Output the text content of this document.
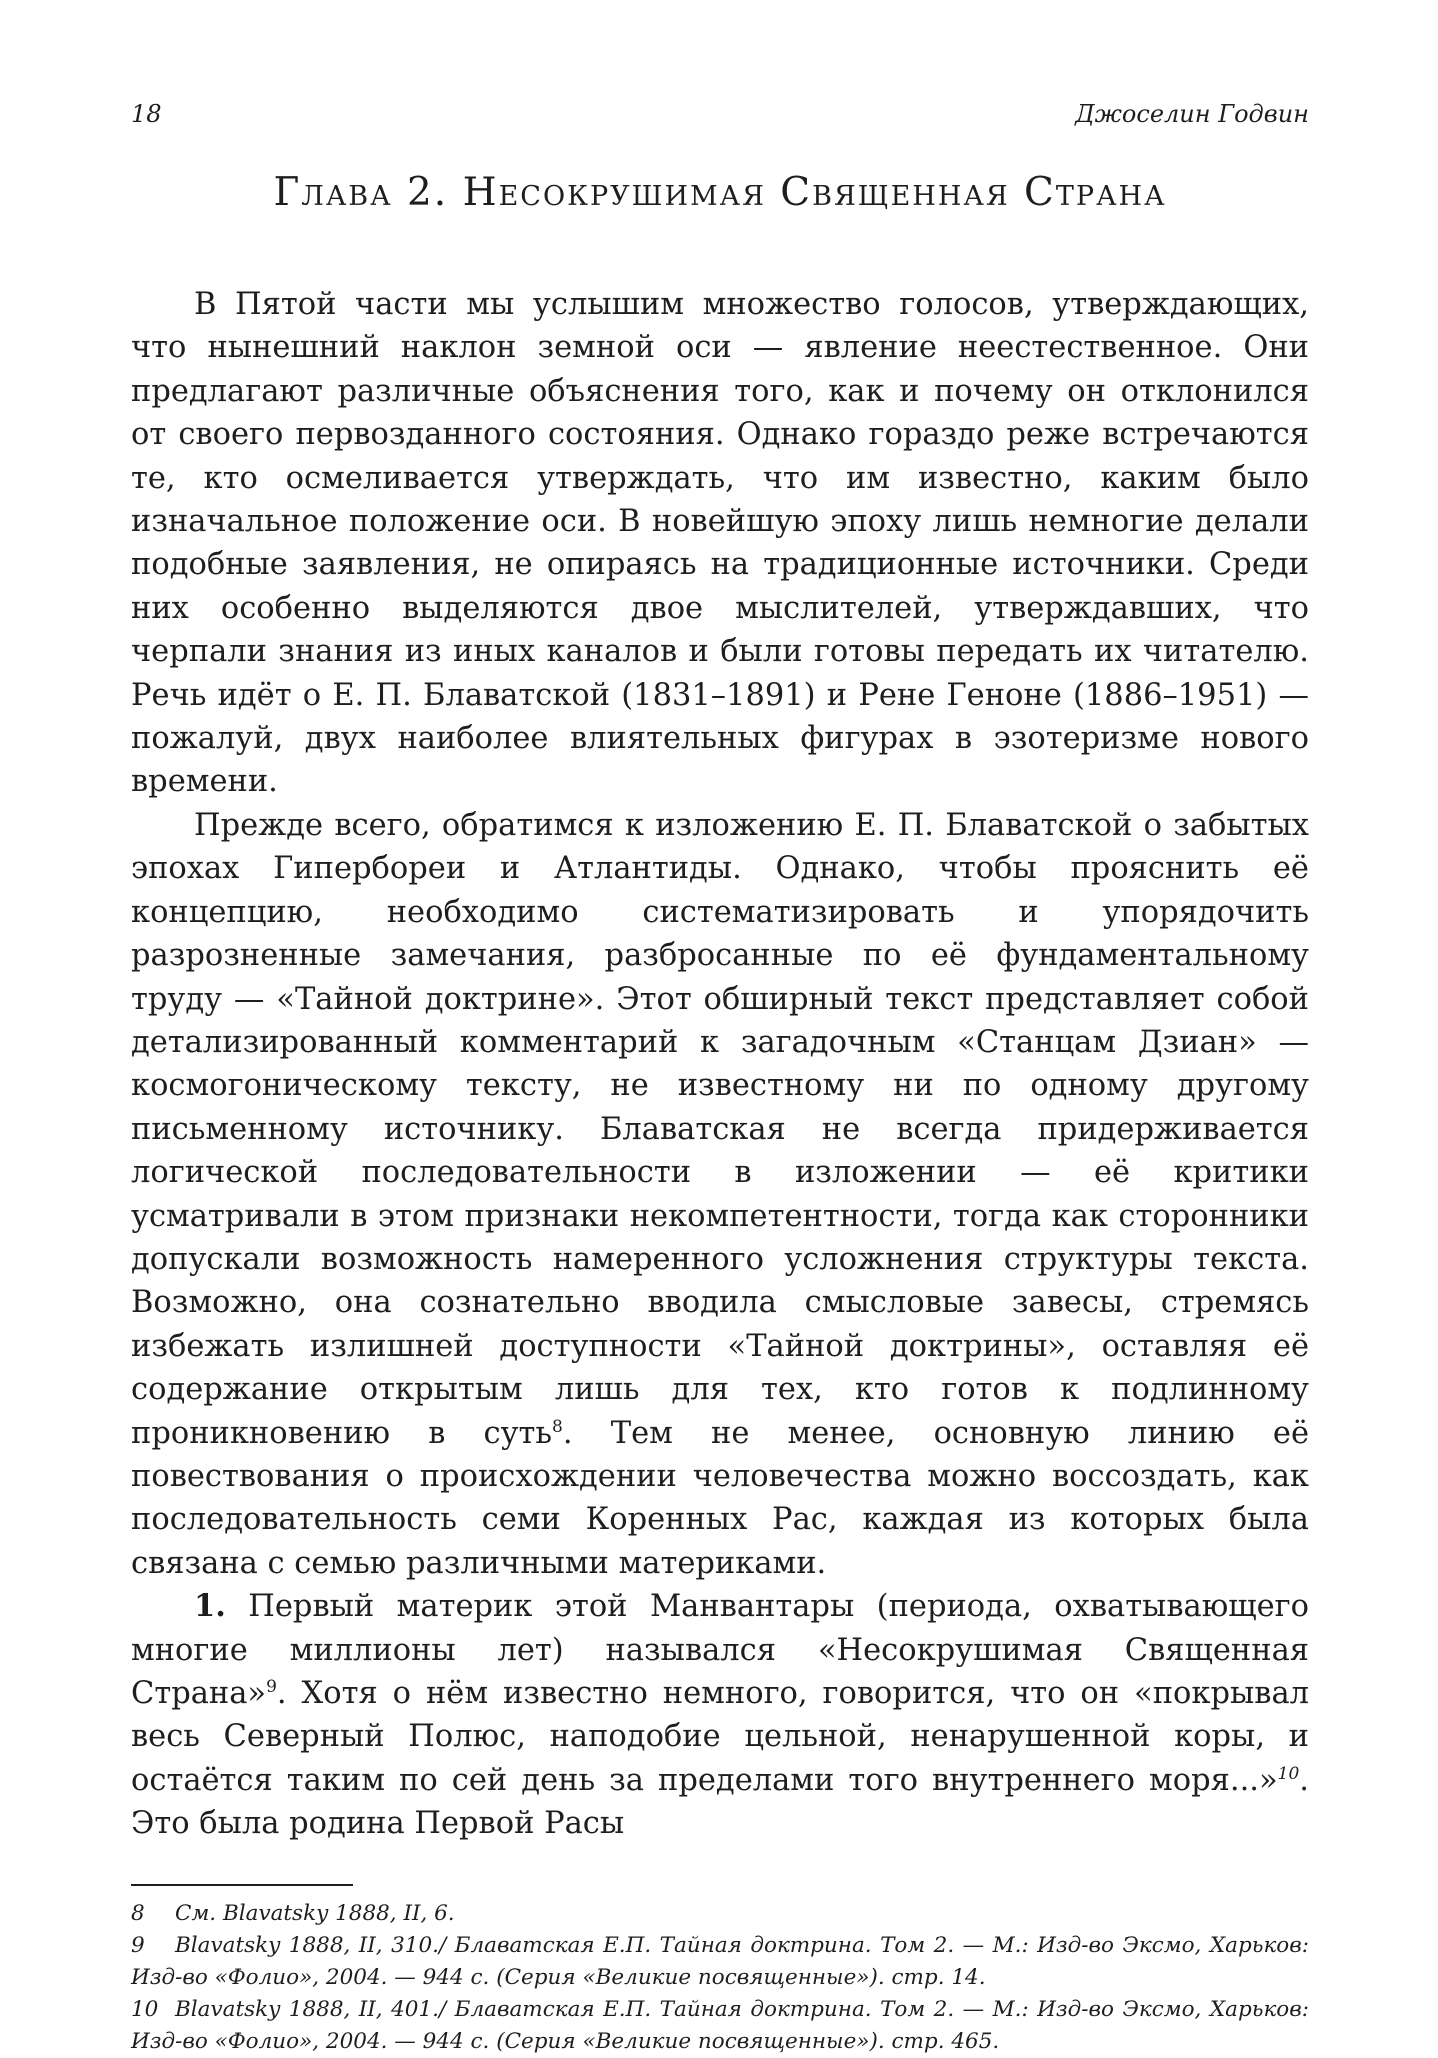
18	Джоселин Годвин
Глава 2. Несокрушимая Священная Страна

В Пятой части мы услышим множество голосов, утверждающих, что нынешний наклон земной оси — явление неестественное. Они предлагают различные объяснения того, как и почему он отклонился от своего первозданного состояния. Однако гораздо реже встречаются те, кто осмеливается утверждать, что им известно, каким было изначальное положение оси. В новейшую эпоху лишь немногие делали подобные заявления, не опираясь на традиционные источники. Среди них особенно выделяются двое мыслителей, утверждавших, что черпали знания из иных каналов и были готовы передать их читателю. Речь идёт о Е. П. Блаватской (1831–1891) и Рене Геноне (1886–1951) — пожалуй, двух наиболее влиятельных фигурах в эзотеризме нового времени.

Прежде всего, обратимся к изложению Е. П. Блаватской о забытых эпохах Гипербореи и Атлантиды. Однако, чтобы прояснить её концепцию, необходимо систематизировать и упорядочить разрозненные замечания, разбросанные по её фундаментальному труду — «Тайной доктрине». Этот обширный текст представляет собой детализированный комментарий к загадочным «Станцам Дзиан» — космогоническому тексту, не известному ни по одному другому письменному источнику. Блаватская не всегда придерживается логической последовательности в изложении — её критики усматривали в этом признаки некомпетентности, тогда как сторонники допускали возможность намеренного усложнения структуры текста. Возможно, она сознательно вводила смысловые завесы, стремясь избежать излишней доступности «Тайной доктрины», оставляя её содержание открытым лишь для тех, кто готов к подлинному проникновению в суть$^8$. Тем не менее, основную линию её повествования о происхождении человечества можно воссоздать, как последовательность семи Коренных Рас, каждая из которых была связана с семью различными материками.

1. Первый материк этой Манвантары (периода, охватывающего многие миллионы лет) назывался «Несокрушимая Священная Страна»$^9$. Хотя о нём известно немного, говорится, что он «покрывал весь Северный Полюс, наподобие цельной, ненарушенной коры, и остаётся таким по сей день за пределами того внутреннего моря...»$^{10}$. Это была родина Первой Расы

8 См. Blavatsky 1888, II, 6.

9 Blavatsky 1888, II, 310./ Блаватская Е.П. Тайная доктрина. Том 2. — М.: Изд-во Эксмо, Харьков: Изд-во «Фолио», 2004. — 944 с. (Серия «Великие посвященные»). стр. 14.

10 Blavatsky 1888, II, 401./ Блаватская Е.П. Тайная доктрина. Том 2. — М.: Изд-во Эксмо, Харьков: Изд-во «Фолио», 2004. — 944 с. (Серия «Великие посвященные»). стр. 465.
